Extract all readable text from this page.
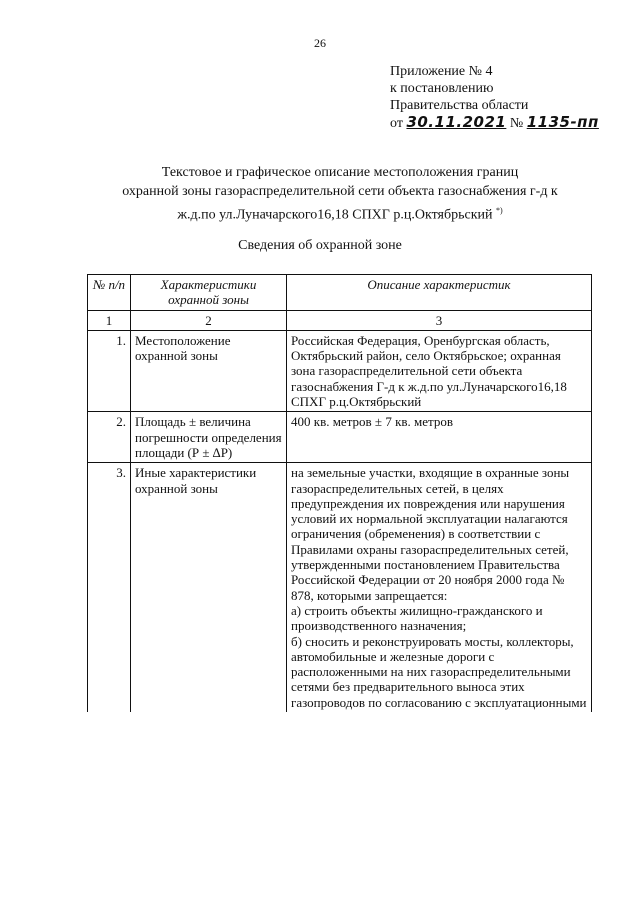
26
Приложение № 4
к постановлению
Правительства области
от 30.11.2021 № 1135-пп
Текстовое и графическое описание местоположения границ
охранной зоны газораспределительной сети объекта газоснабжения г-д к
ж.д.по ул.Луначарского16,18 СПХГ р.ц.Октябрьский *)
Сведения об охранной зоне
№ п/п	Характеристики охранной зоны	Описание характеристик
1	2	3
1.	Местоположение охранной зоны	Российская Федерация, Оренбургская область, Октябрьский район, село Октябрьское; охранная зона газораспределительной сети объекта газоснабжения Г-д к ж.д.по ул.Луначарского16,18 СПХГ р.ц.Октябрьский
2.	Площадь ± величина погрешности определения площади (Р ± ∆Р)	400 кв. метров ± 7 кв. метров
3.	Иные характеристики охранной зоны	на земельные участки, входящие в охранные зоны газораспределительных сетей, в целях предупреждения их повреждения или нарушения условий их нормальной эксплуатации налагаются ограничения (обременения) в соответствии с Правилами охраны газораспределительных сетей, утвержденными постановлением Правительства Российской Федерации от 20 ноября 2000 года № 878, которыми запрещается:
а) строить объекты жилищно-гражданского и производственного назначения;
б) сносить и реконструировать мосты, коллекторы, автомобильные и железные дороги с расположенными на них газораспределительными сетями без предварительного выноса этих газопроводов по согласованию с эксплуатационными
